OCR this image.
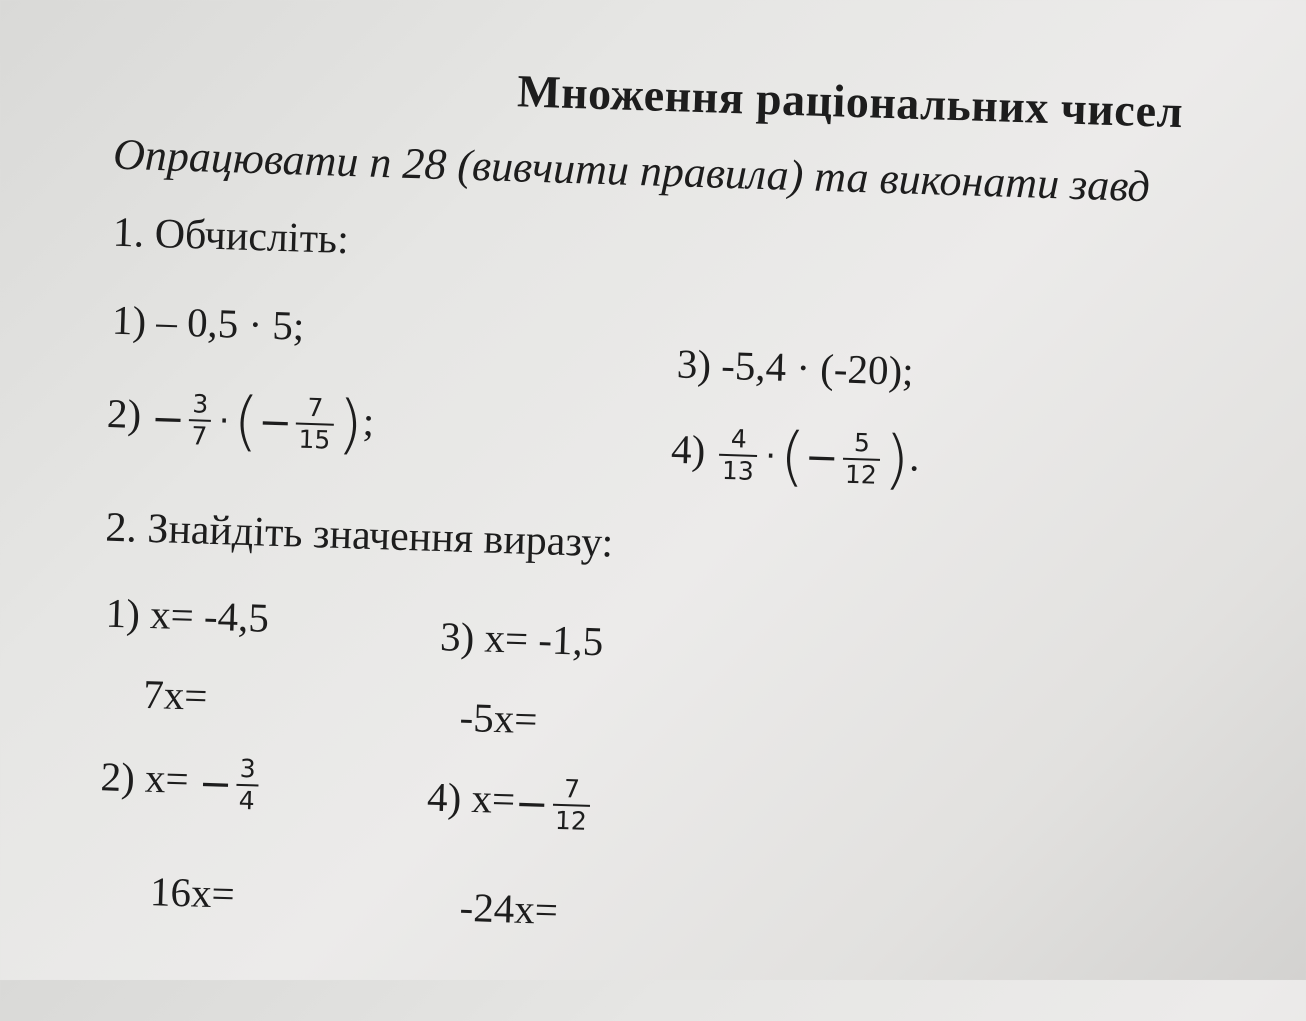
Множення раціональних чисел
Опрацювати п 28 (вивчити правила) та виконати завд
1. Обчисліть:
1) – 0,5 · 5;
3) -5,4 · (-20);
$2) - \frac{3}{7}$ ·(− $\frac{7}{15}$ );
$4) \frac{4}{13}$ ·(− $\frac{5}{12}$ ).
2. Знайдіть значення виразу:
1) x= -4,5	3) x= -1,5
7x=	-5x=
2) $x= - \frac{3}{4}$	4) $x=- \frac{7}{12}$
16x=	-24x=
